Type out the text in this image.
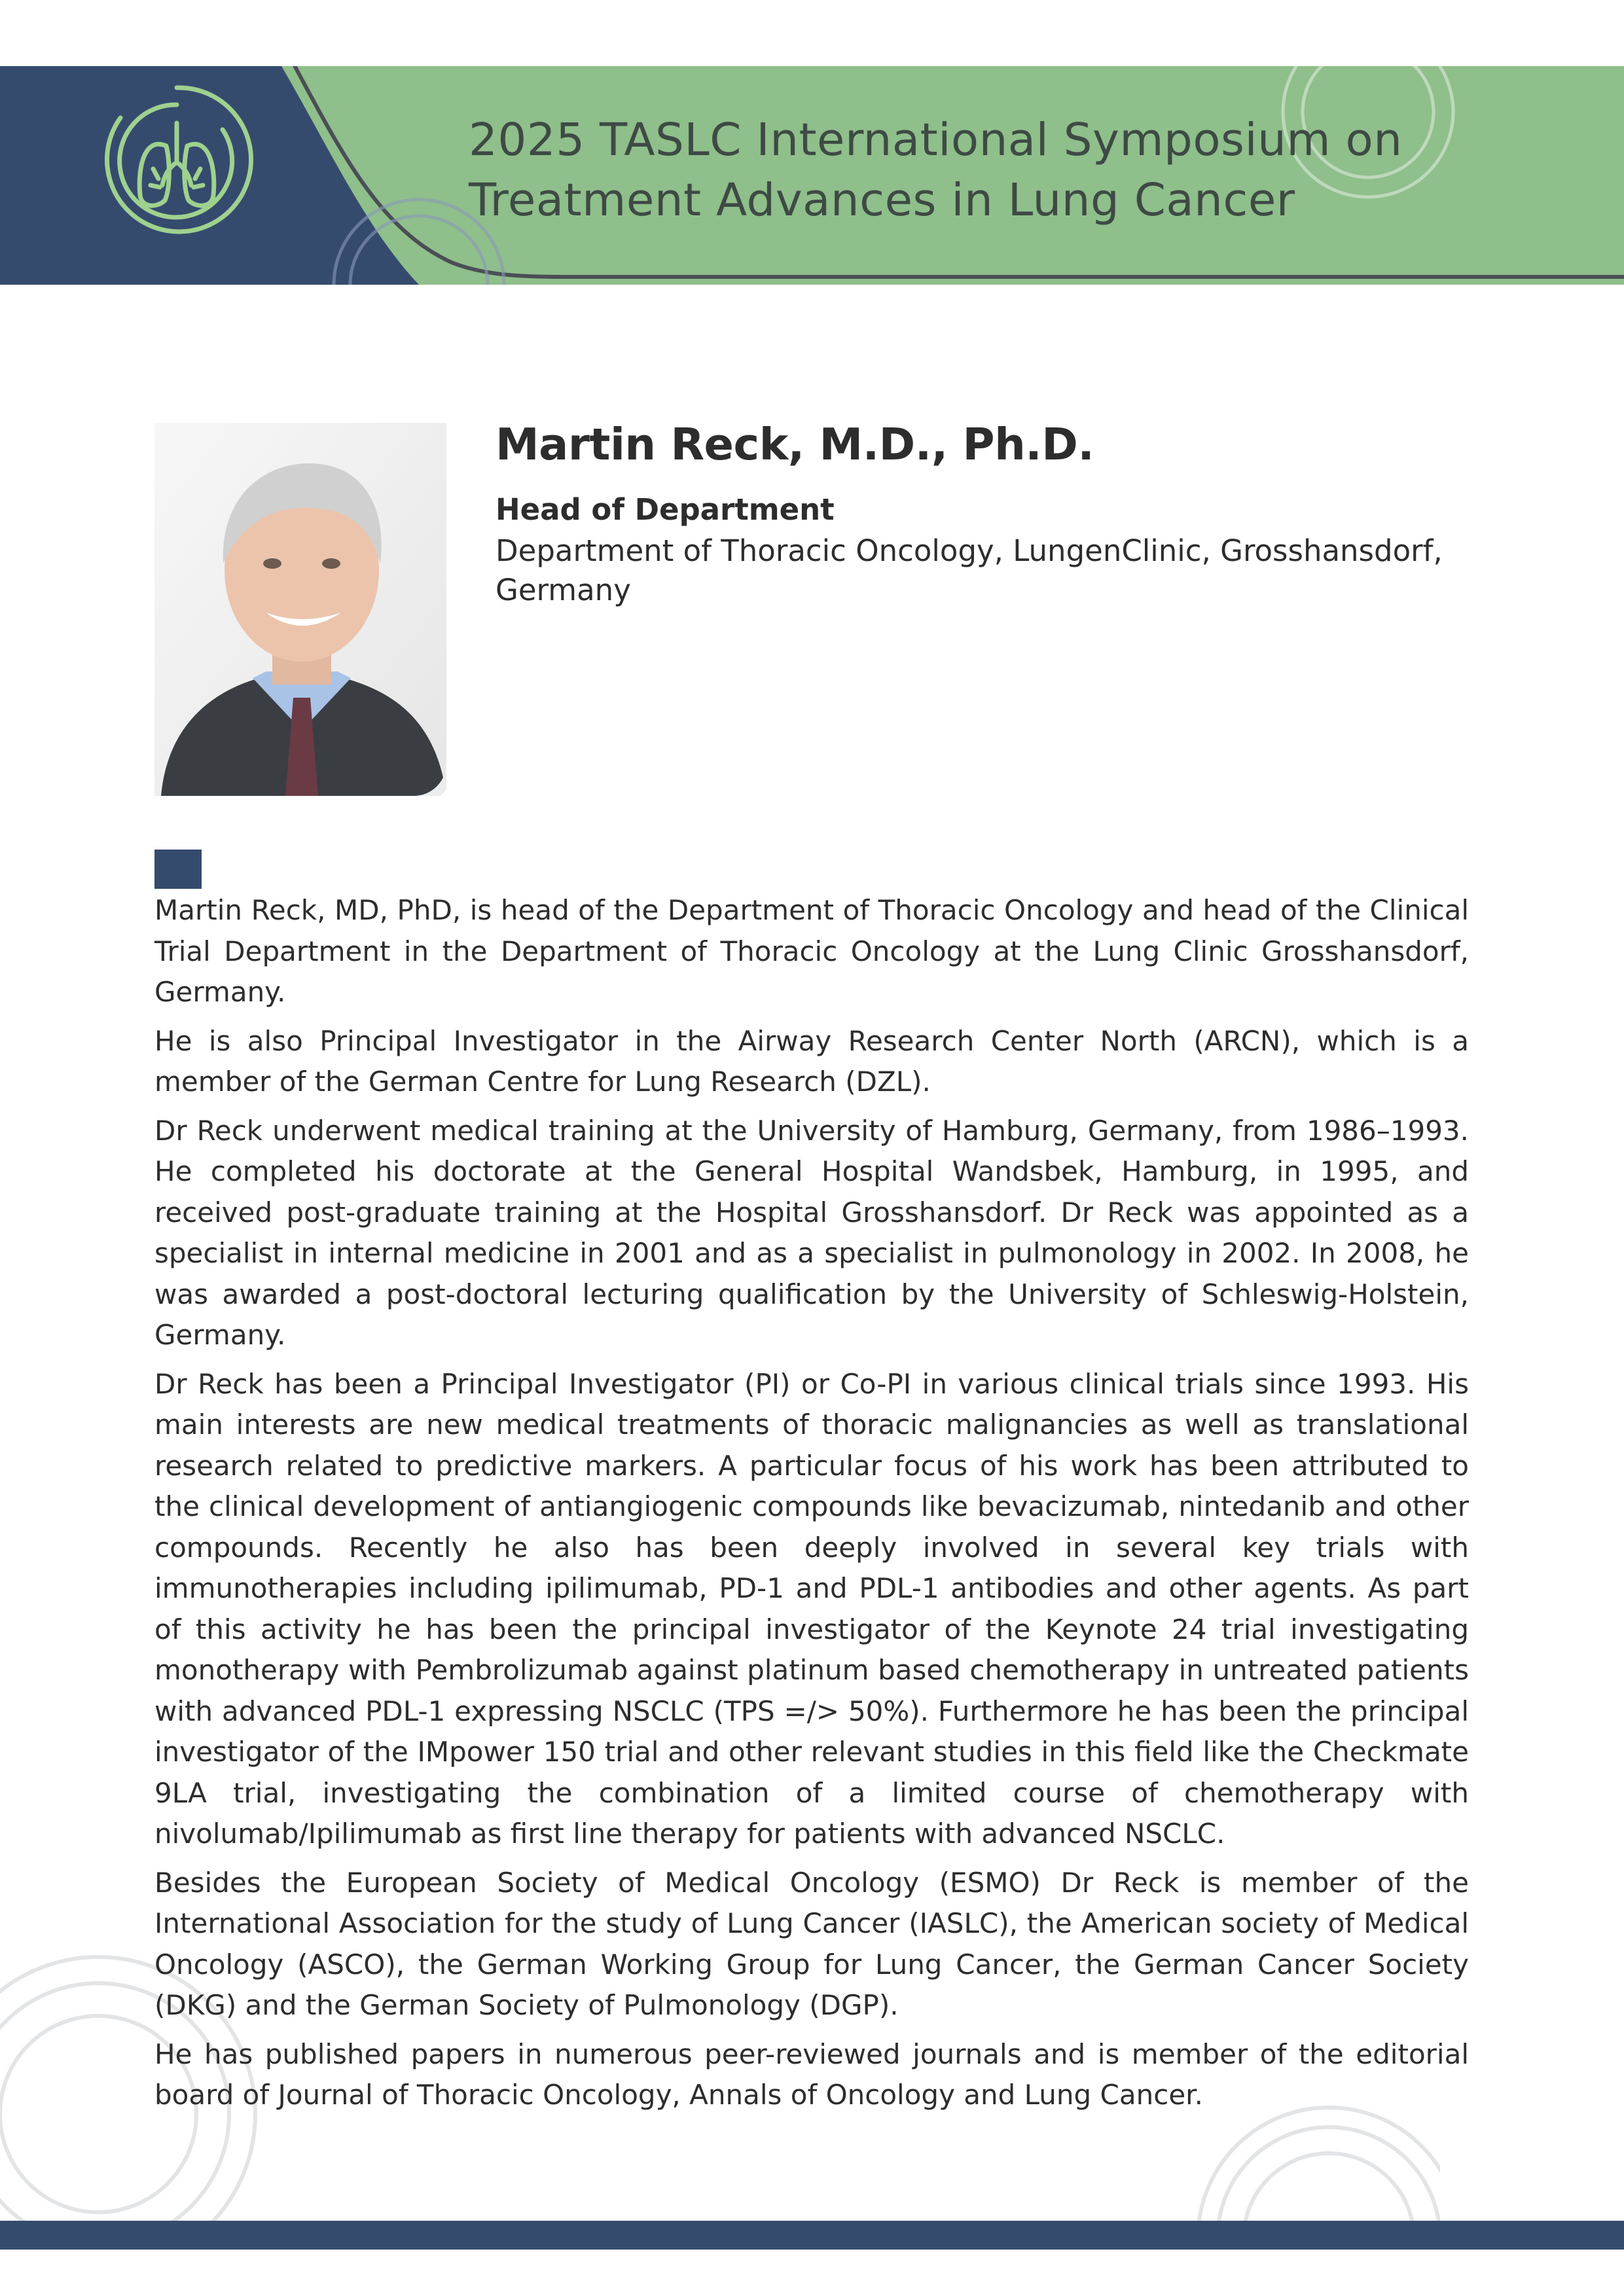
2025 TASLC International Symposium on
Treatment Advances in Lung Cancer
Martin Reck, M.D., Ph.D.
Head of Department
Department of Thoracic Oncology, LungenClinic, Grosshansdorf, Germany

Martin Reck, MD, PhD, is head of the Department of Thoracic Oncology and head of the Clinical Trial Department in the Department of Thoracic Oncology at the Lung Clinic Grosshansdorf, Germany.

He is also Principal Investigator in the Airway Research Center North (ARCN), which is a member of the German Centre for Lung Research (DZL).

Dr Reck underwent medical training at the University of Hamburg, Germany, from 1986–1993. He completed his doctorate at the General Hospital Wandsbek, Hamburg, in 1995, and received post-graduate training at the Hospital Grosshansdorf. Dr Reck was appointed as a specialist in internal medicine in 2001 and as a specialist in pulmonology in 2002. In 2008, he was awarded a post-doctoral lecturing qualification by the University of Schleswig-Holstein, Germany.

Dr Reck has been a Principal Investigator (PI) or Co-PI in various clinical trials since 1993. His main interests are new medical treatments of thoracic malignancies as well as translational research related to predictive markers. A particular focus of his work has been attributed to the clinical development of antiangiogenic compounds like bevacizumab, nintedanib and other compounds. Recently he also has been deeply involved in several key trials with immunotherapies including ipilimumab, PD-1 and PDL-1 antibodies and other agents. As part of this activity he has been the principal investigator of the Keynote 24 trial investigating monotherapy with Pembrolizumab against platinum based chemotherapy in untreated patients with advanced PDL-1 expressing NSCLC (TPS =/> 50%). Furthermore he has been the principal investigator of the IMpower 150 trial and other relevant studies in this field like the Checkmate 9LA trial, investigating the combination of a limited course of chemotherapy with nivolumab/Ipilimumab as first line therapy for patients with advanced NSCLC.

Besides the European Society of Medical Oncology (ESMO) Dr Reck is member of the International Association for the study of Lung Cancer (IASLC), the American society of Medical Oncology (ASCO), the German Working Group for Lung Cancer, the German Cancer Society (DKG) and the German Society of Pulmonology (DGP).

He has published papers in numerous peer-reviewed journals and is member of the editorial board of Journal of Thoracic Oncology, Annals of Oncology and Lung Cancer.
